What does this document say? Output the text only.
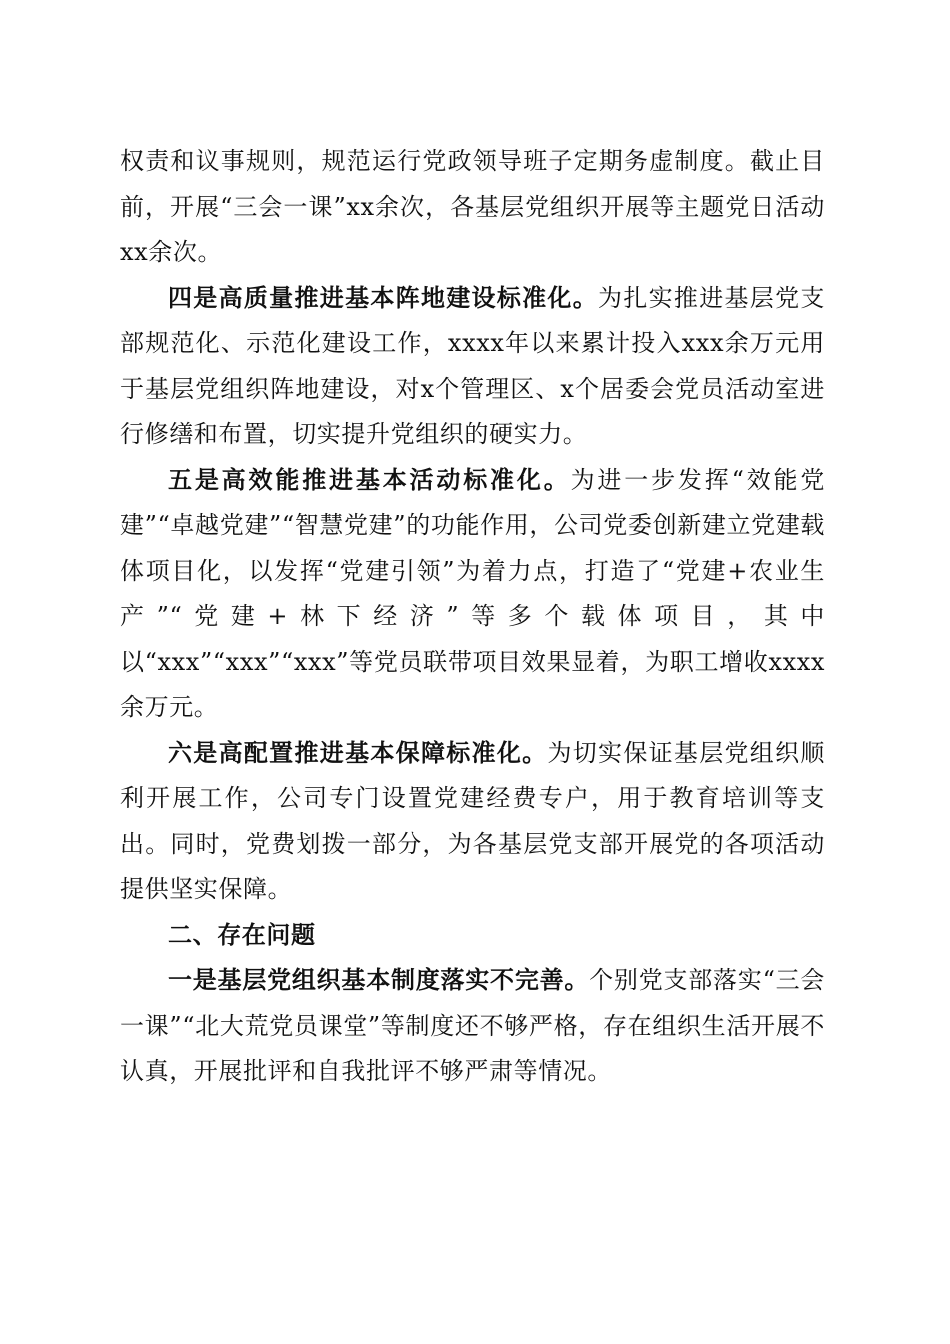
权责和议事规则，规范运行党政领导班子定期务虚制度。截止目前，开展“三会一课”xx余次，各基层党组织开展等主题党日活动xx余次。

四是高质量推进基本阵地建设标准化。为扎实推进基层党支部规范化、示范化建设工作，xxxx年以来累计投入xxx余万元用于基层党组织阵地建设，对x个管理区、x个居委会党员活动室进行修缮和布置，切实提升党组织的硬实力。

五是高效能推进基本活动标准化。为进一步发挥“效能党建”“卓越党建”“智慧党建”的功能作用，公司党委创新建立党建载体项目化，以发挥“党建引领”为着力点，打造了“党建+农业生产”“党建+林下经济”等多个载体项目，其中以“xxx”“xxx”“xxx”等党员联带项目效果显着，为职工增收xxxx余万元。

六是高配置推进基本保障标准化。为切实保证基层党组织顺利开展工作，公司专门设置党建经费专户，用于教育培训等支出。同时，党费划拨一部分，为各基层党支部开展党的各项活动提供坚实保障。

二、存在问题

一是基层党组织基本制度落实不完善。个别党支部落实“三会一课”“北大荒党员课堂”等制度还不够严格，存在组织生活开展不认真，开展批评和自我批评不够严肃等情况。
